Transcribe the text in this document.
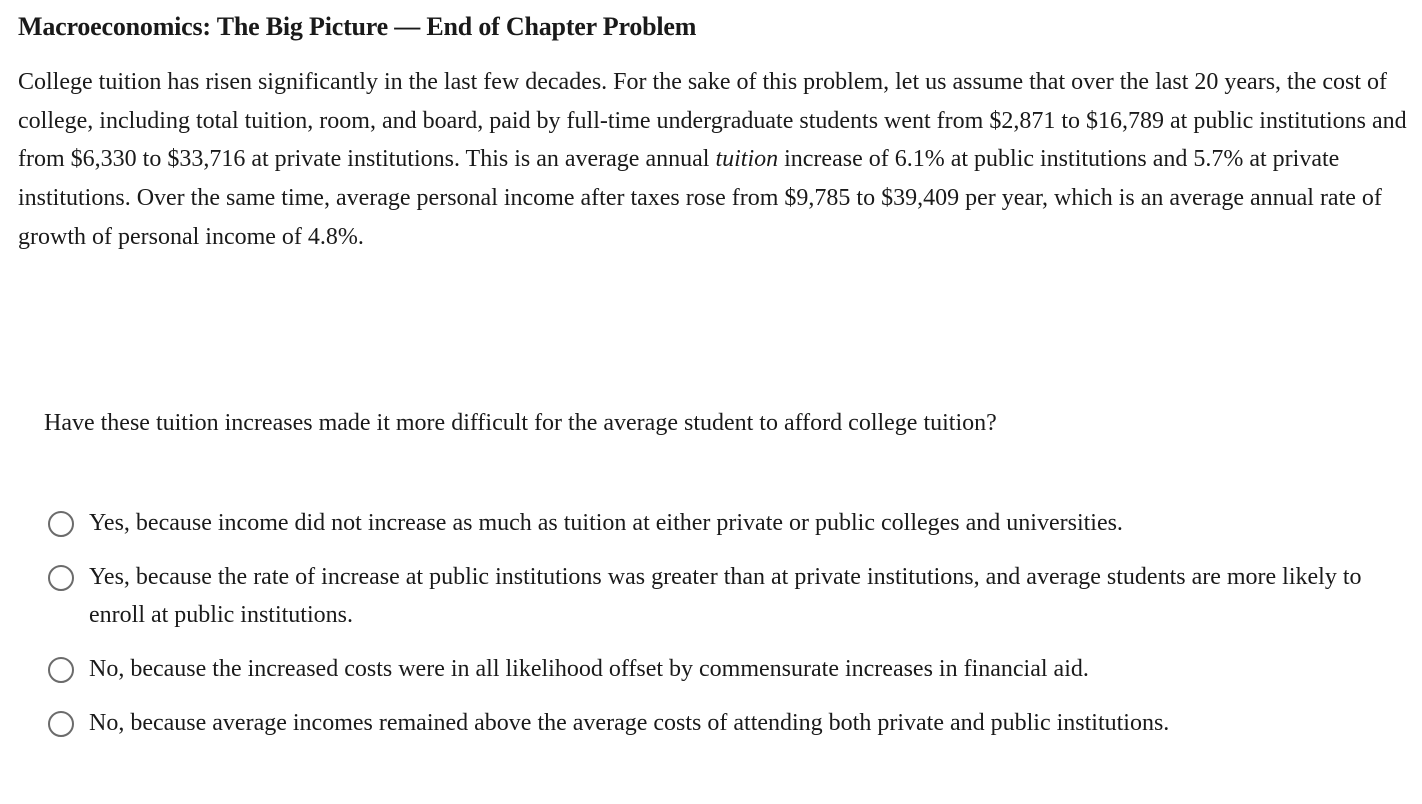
Macroeconomics: The Big Picture — End of Chapter Problem

College tuition has risen significantly in the last few decades. For the sake of this problem, let us assume that over the last 20 years, the cost of college, including total tuition, room, and board, paid by full-time undergraduate students went from $2,871 to $16,789 at public institutions and from $6,330 to $33,716 at private institutions. This is an average annual tuition increase of 6.1% at public institutions and 5.7% at private institutions. Over the same time, average personal income after taxes rose from $9,785 to $39,409 per year, which is an average annual rate of growth of personal income of 4.8%.

Have these tuition increases made it more difficult for the average student to afford college tuition?
Yes, because income did not increase as much as tuition at either private or public colleges and universities.
Yes, because the rate of increase at public institutions was greater than at private institutions, and average students are more likely to enroll at public institutions.
No, because the increased costs were in all likelihood offset by commensurate increases in financial aid.
No, because average incomes remained above the average costs of attending both private and public institutions.
